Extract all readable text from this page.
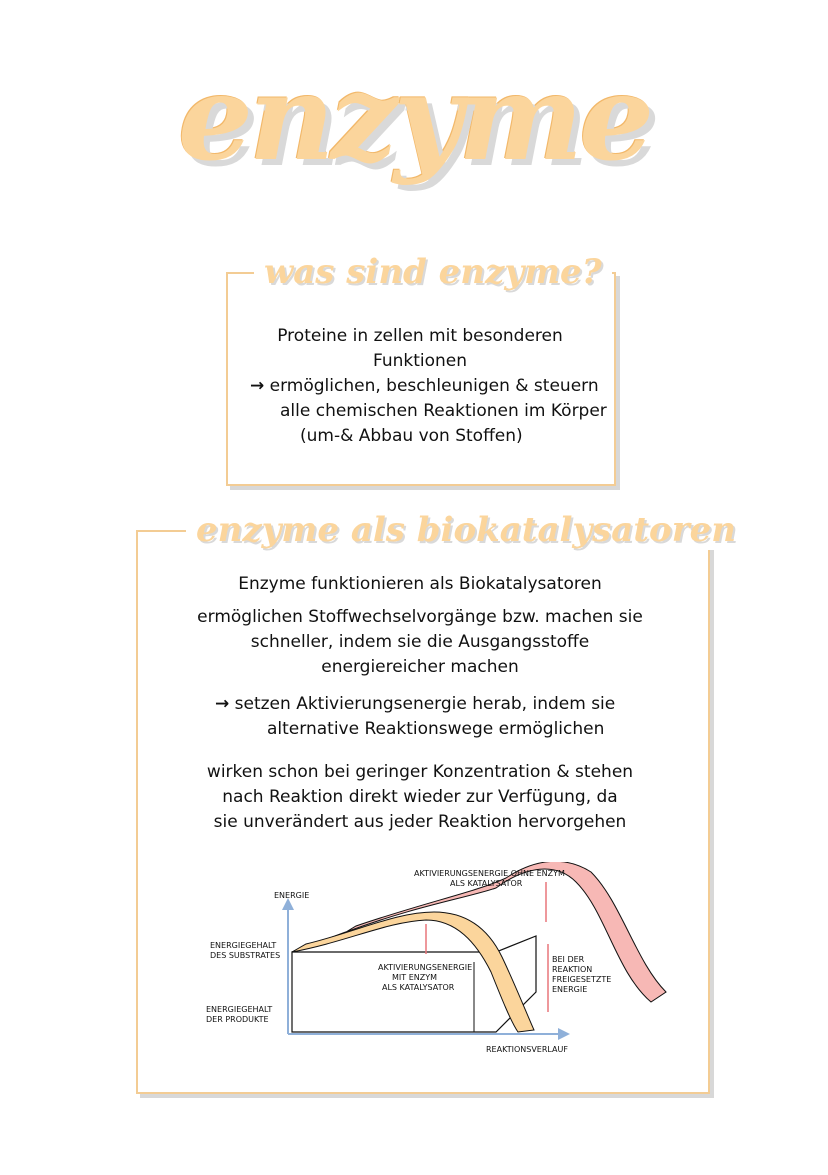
enzyme
was sind enzyme?
Proteine in zellen mit besonderen
Funktionen
→ ermöglichen, beschleunigen & steuern
alle chemischen Reaktionen im Körper
(um-& Abbau von Stoffen)
enzyme als biokatalysatoren
Enzyme funktionieren als Biokatalysatoren
ermöglichen Stoffwechselvorgänge bzw. machen sie
schneller, indem sie die Ausgangsstoffe
energiereicher machen
→ setzen Aktivierungsenergie herab, indem sie
alternative Reaktionswege ermöglichen
wirken schon bei geringer Konzentration & stehen
nach Reaktion direkt wieder zur Verfügung, da
sie unverändert aus jeder Reaktion hervorgehen
ENERGIE
REAKTIONSVERLAUF
ENERGIEGEHALT
DES SUBSTRATES
ENERGIEGEHALT
DER PRODUKTE
AKTIVIERUNGSENERGIE OHNE ENZYM
ALS KATALYSATOR
AKTIVIERUNGSENERGIE
MIT ENZYM
ALS KATALYSATOR
BEI DER
REAKTION
FREIGESETZTE
ENERGIE
